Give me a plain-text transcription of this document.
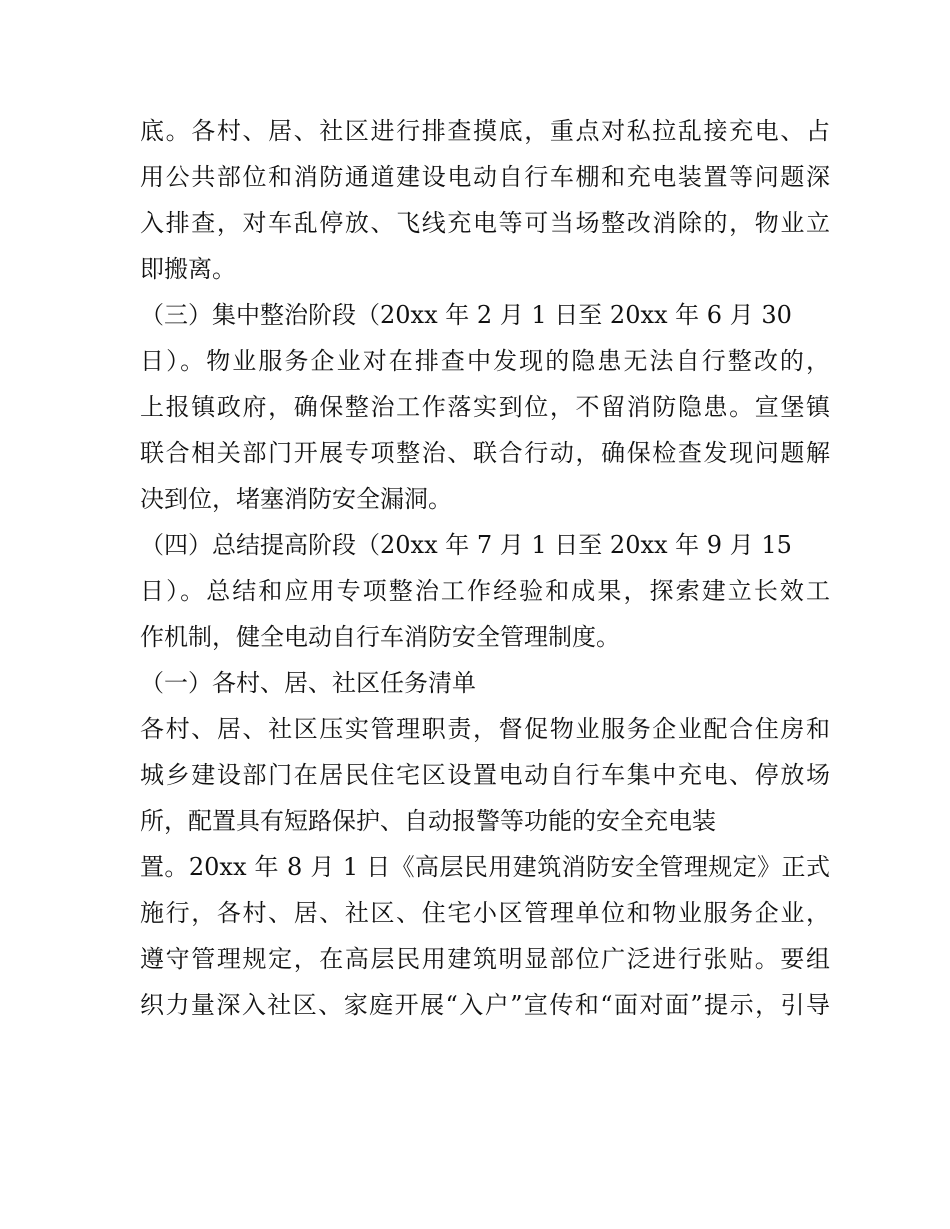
底。各村、居、社区进行排查摸底，重点对私拉乱接充电、占
用公共部位和消防通道建设电动自行车棚和充电装置等问题深
入排查，对车乱停放、飞线充电等可当场整改消除的，物业立
即搬离。
（三）集中整治阶段（20xx 年 2 月 1 日至 20xx 年 6 月 30
日）。物业服务企业对在排查中发现的隐患无法自行整改的，
上报镇政府，确保整治工作落实到位，不留消防隐患。宣堡镇
联合相关部门开展专项整治、联合行动，确保检查发现问题解
决到位，堵塞消防安全漏洞。
（四）总结提高阶段（20xx 年 7 月 1 日至 20xx 年 9 月 15
日）。总结和应用专项整治工作经验和成果，探索建立长效工
作机制，健全电动自行车消防安全管理制度。
（一）各村、居、社区任务清单
各村、居、社区压实管理职责，督促物业服务企业配合住房和
城乡建设部门在居民住宅区设置电动自行车集中充电、停放场
所，配置具有短路保护、自动报警等功能的安全充电装
置。20xx 年 8 月 1 日《高层民用建筑消防安全管理规定》正式
施行，各村、居、社区、住宅小区管理单位和物业服务企业，
遵守管理规定，在高层民用建筑明显部位广泛进行张贴。要组
织力量深入社区、家庭开展“入户”宣传和“面对面”提示，引导
